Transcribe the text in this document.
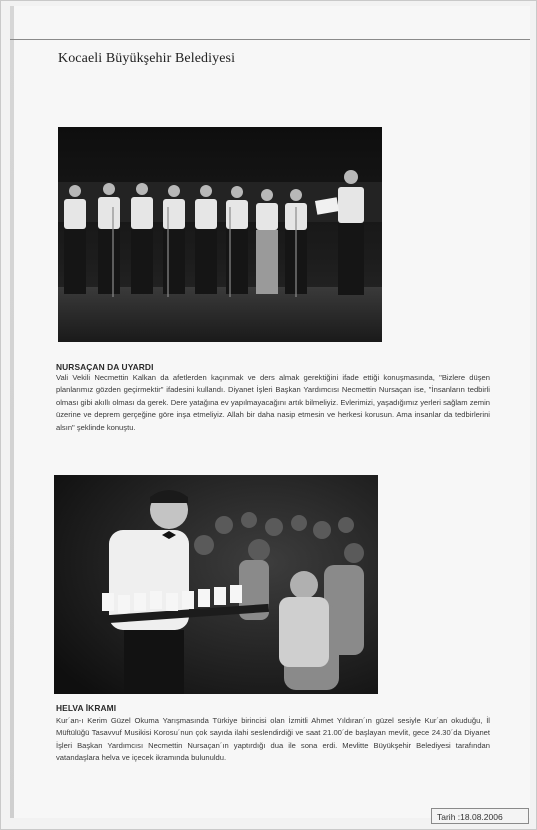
Kocaeli Büyükşehir Belediyesi
NURSAÇAN DA UYARDI
Vali Vekili Necmettin Kalkan da afetlerden kaçınmak ve ders almak gerektiğini ifade ettiği konuşmasında, "Bizlere düşen planlarımız gözden geçirmektir" ifadesini kullandı. Diyanet İşleri Başkan Yardımcısı Necmettin Nursaçan ise, "İnsanların tedbirli olması gibi akıllı olması da gerek. Dere yatağına ev yapılmayacağını artık bilmeliyiz. Evlerimizi, yaşadığımız yerleri sağlam zemin üzerine ve deprem gerçeğine göre inşa etmeliyiz. Allah bir daha nasip etmesin ve herkesi korusun. Ama insanlar da tedbirlerini alsın" şeklinde konuştu.
HELVA İKRAMI
Kur´an-ı Kerim Güzel Okuma Yarışmasında Türkiye birincisi olan İzmitli Ahmet Yıldıran´ın güzel sesiyle Kur´an okuduğu, İl Müftülüğü Tasavvuf Musikisi Korosu´nun çok sayıda ilahi seslendirdiği ve saat 21.00´de başlayan mevlit, gece 24.30´da Diyanet İşleri Başkan Yardımcısı Necmettin Nursaçan´ın yaptırdığı dua ile sona erdi. Mevlitte Büyükşehir Belediyesi tarafından vatandaşlara helva ve içecek ikramında bulunuldu.
Tarih :18.08.2006
